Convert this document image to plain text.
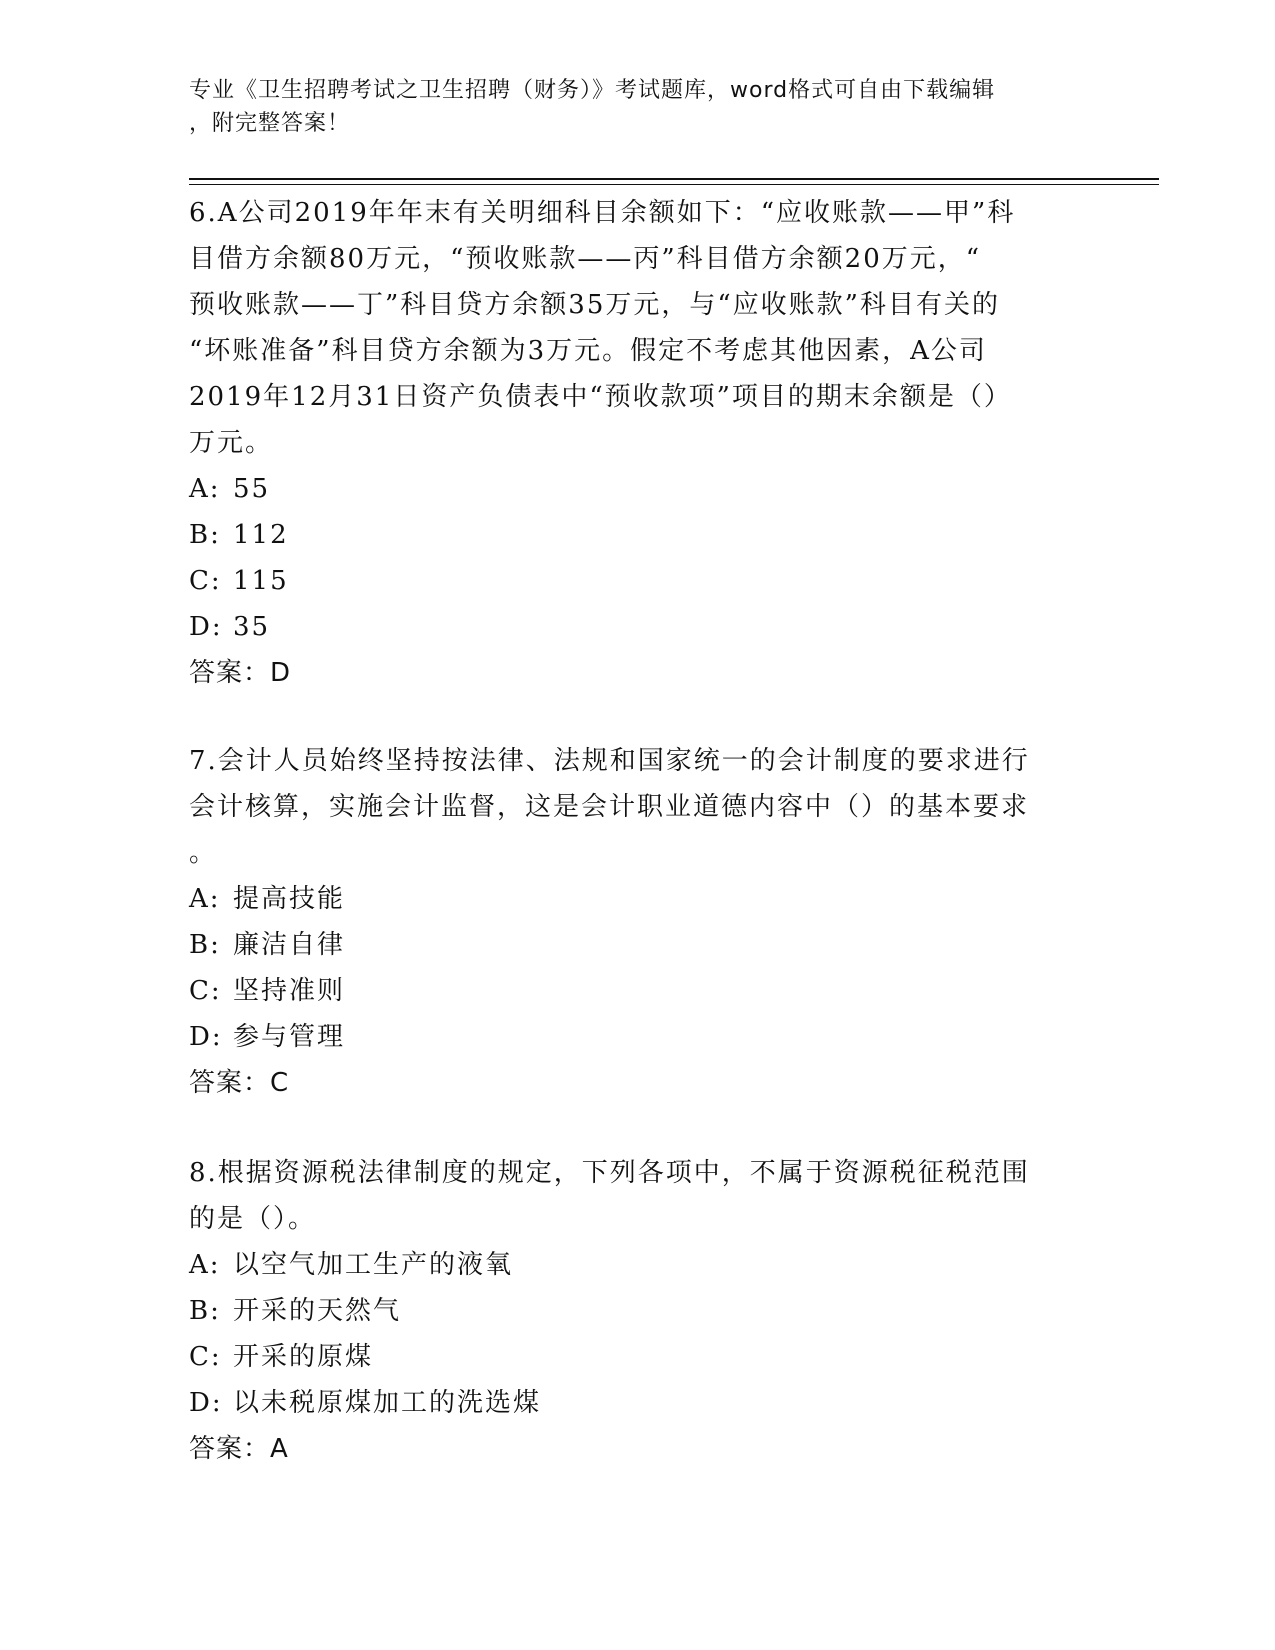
专业《卫生招聘考试之卫生招聘（财务）》考试题库，word格式可自由下载编辑
，附完整答案！
6.A公司2019年年末有关明细科目余额如下：“应收账款——甲”科
目借方余额80万元，“预收账款——丙”科目借方余额20万元，“
预收账款——丁”科目贷方余额35万元，与“应收账款”科目有关的
“坏账准备”科目贷方余额为3万元。假定不考虑其他因素，A公司
2019年12月31日资产负债表中“预收款项”项目的期末余额是（）
万元。
A: 55
B: 112
C: 115
D: 35
答案：D
7.会计人员始终坚持按法律、法规和国家统一的会计制度的要求进行
会计核算，实施会计监督，这是会计职业道德内容中（）的基本要求
。
A: 提高技能
B: 廉洁自律
C: 坚持准则
D: 参与管理
答案：C
8.根据资源税法律制度的规定，下列各项中，不属于资源税征税范围
的是（）。
A: 以空气加工生产的液氧
B: 开采的天然气
C: 开采的原煤
D: 以未税原煤加工的洗选煤
答案：A
